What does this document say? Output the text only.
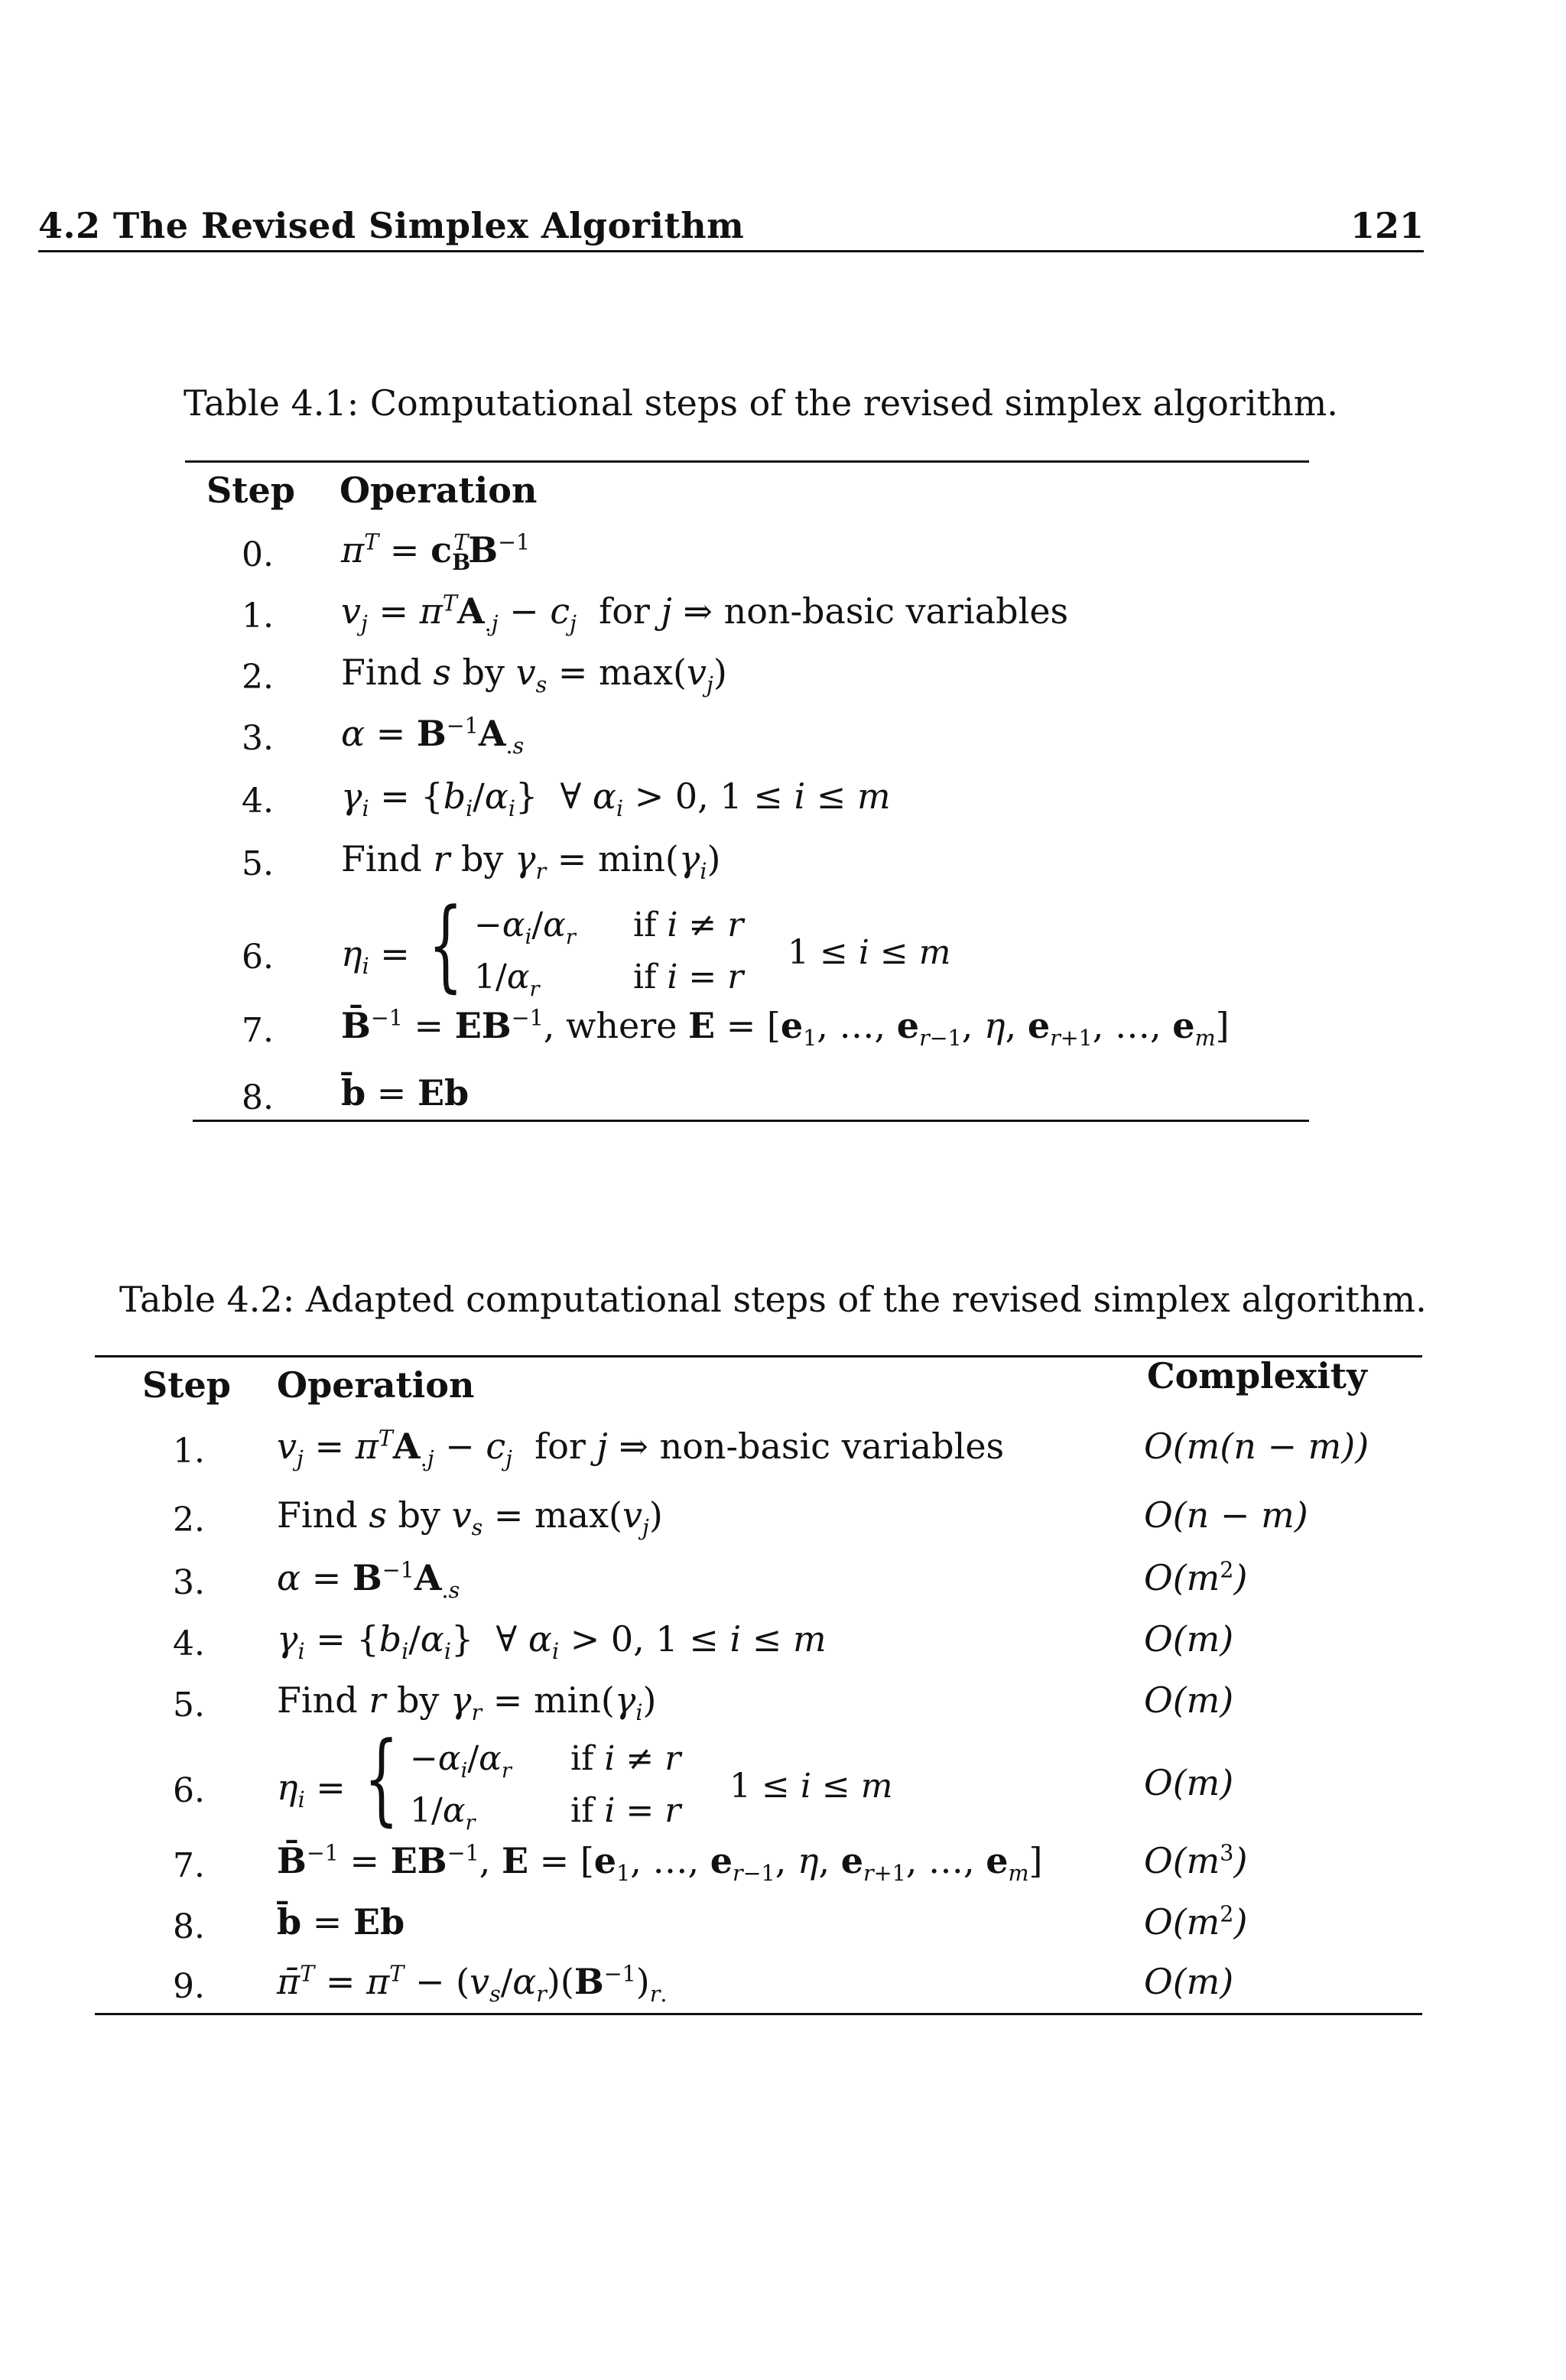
4.2 The Revised Simplex Algorithm	121
Table 4.1: Computational steps of the revised simplex algorithm.
Step Operation
0. $\pi^T = c_B^TB^{-1}$
1. $v_j = \pi^TA_{.j} - c_j$  for j ⇒ non-basic variables
2. Find s by $v_s = \max(v_j)$
3. $\alpha = B^{-1}A_{.s}$
4. $\gamma_i = \{b_i/\alpha_i\}$  ∀ $\alpha_i > 0$, 1 ≤ i ≤ m
5. Find r by $\gamma_r = \min(\gamma_i)$
6. $\eta_i$ = { $-\alpha_i/\alpha_r$ if i ≠ r
$1/\alpha_r$	if i = r
1 ≤ i ≤ m
7. B̄$^{-1}$ = $EB^{-1}$, where $E = [e_1$, …, $e_{r-1}$, η, $e_{r+1}$, …, $e_m$]
8. b̄ = Eb
Table 4.2: Adapted computational steps of the revised simplex algorithm.
Step Operation	Complexity
1. $v_j = \pi^TA_{.j} - c_j$  for j ⇒ non-basic variables	O(m(n − m))
2. Find s by $v_s = \max(v_j)$	O(n − m)
3. $\alpha = B^{-1}A_{.s}$	$O(m^2)$
4. $\gamma_i = \{b_i/\alpha_i\}$  ∀ $\alpha_i > 0$, 1 ≤ i ≤ m	O(m)
5. Find r by $\gamma_r = \min(\gamma_i)$	O(m)
6. $\eta_i$ = { $-\alpha_i/\alpha_r$ if i ≠ r
$1/\alpha_r$	if i = r
1 ≤ i ≤ m	O(m)
7. B̄$^{-1}$ = $EB^{-1}$, $E = [e_1$, …, $e_{r-1}$, η, $e_{r+1}$, …, $e_m$]	$O(m^3)$
8. b̄ = Eb	$O(m^2)$
9. π̄$^T$ = $\pi^T - (v_s/\alpha_r)(B^{-1})_{r.}$	O(m)
